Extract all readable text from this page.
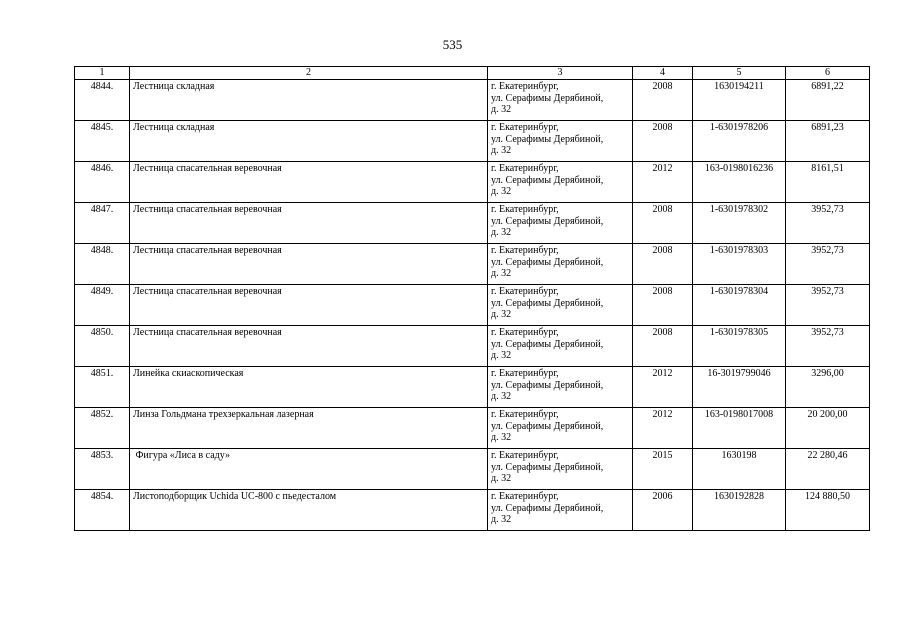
535
1	2	3	4	5	6
4844.	Лестница складная	г. Екатеринбург,
ул. Серафимы Дерябиной,
д. 32	2008	1630194211	6891,22
4845.	Лестница складная	г. Екатеринбург,
ул. Серафимы Дерябиной,
д. 32	2008	1-6301978206	6891,23
4846.	Лестница спасательная веревочная	г. Екатеринбург,
ул. Серафимы Дерябиной,
д. 32	2012	163-0198016236	8161,51
4847.	Лестница спасательная веревочная	г. Екатеринбург,
ул. Серафимы Дерябиной,
д. 32	2008	1-6301978302	3952,73
4848.	Лестница спасательная веревочная	г. Екатеринбург,
ул. Серафимы Дерябиной,
д. 32	2008	1-6301978303	3952,73
4849.	Лестница спасательная веревочная	г. Екатеринбург,
ул. Серафимы Дерябиной,
д. 32	2008	1-6301978304	3952,73
4850.	Лестница спасательная веревочная	г. Екатеринбург,
ул. Серафимы Дерябиной,
д. 32	2008	1-6301978305	3952,73
4851.	Линейка скиаскопическая	г. Екатеринбург,
ул. Серафимы Дерябиной,
д. 32	2012	16-3019799046	3296,00
4852.	Линза Гольдмана трехзеркальная лазерная	г. Екатеринбург,
ул. Серафимы Дерябиной,
д. 32	2012	163-0198017008	20 200,00
4853.	Фигура «Лиса в саду»	г. Екатеринбург,
ул. Серафимы Дерябиной,
д. 32	2015	1630198	22 280,46
4854.	Листоподборщик Uchida UC-800 с пьедесталом	г. Екатеринбург,
ул. Серафимы Дерябиной,
д. 32	2006	1630192828	124 880,50
